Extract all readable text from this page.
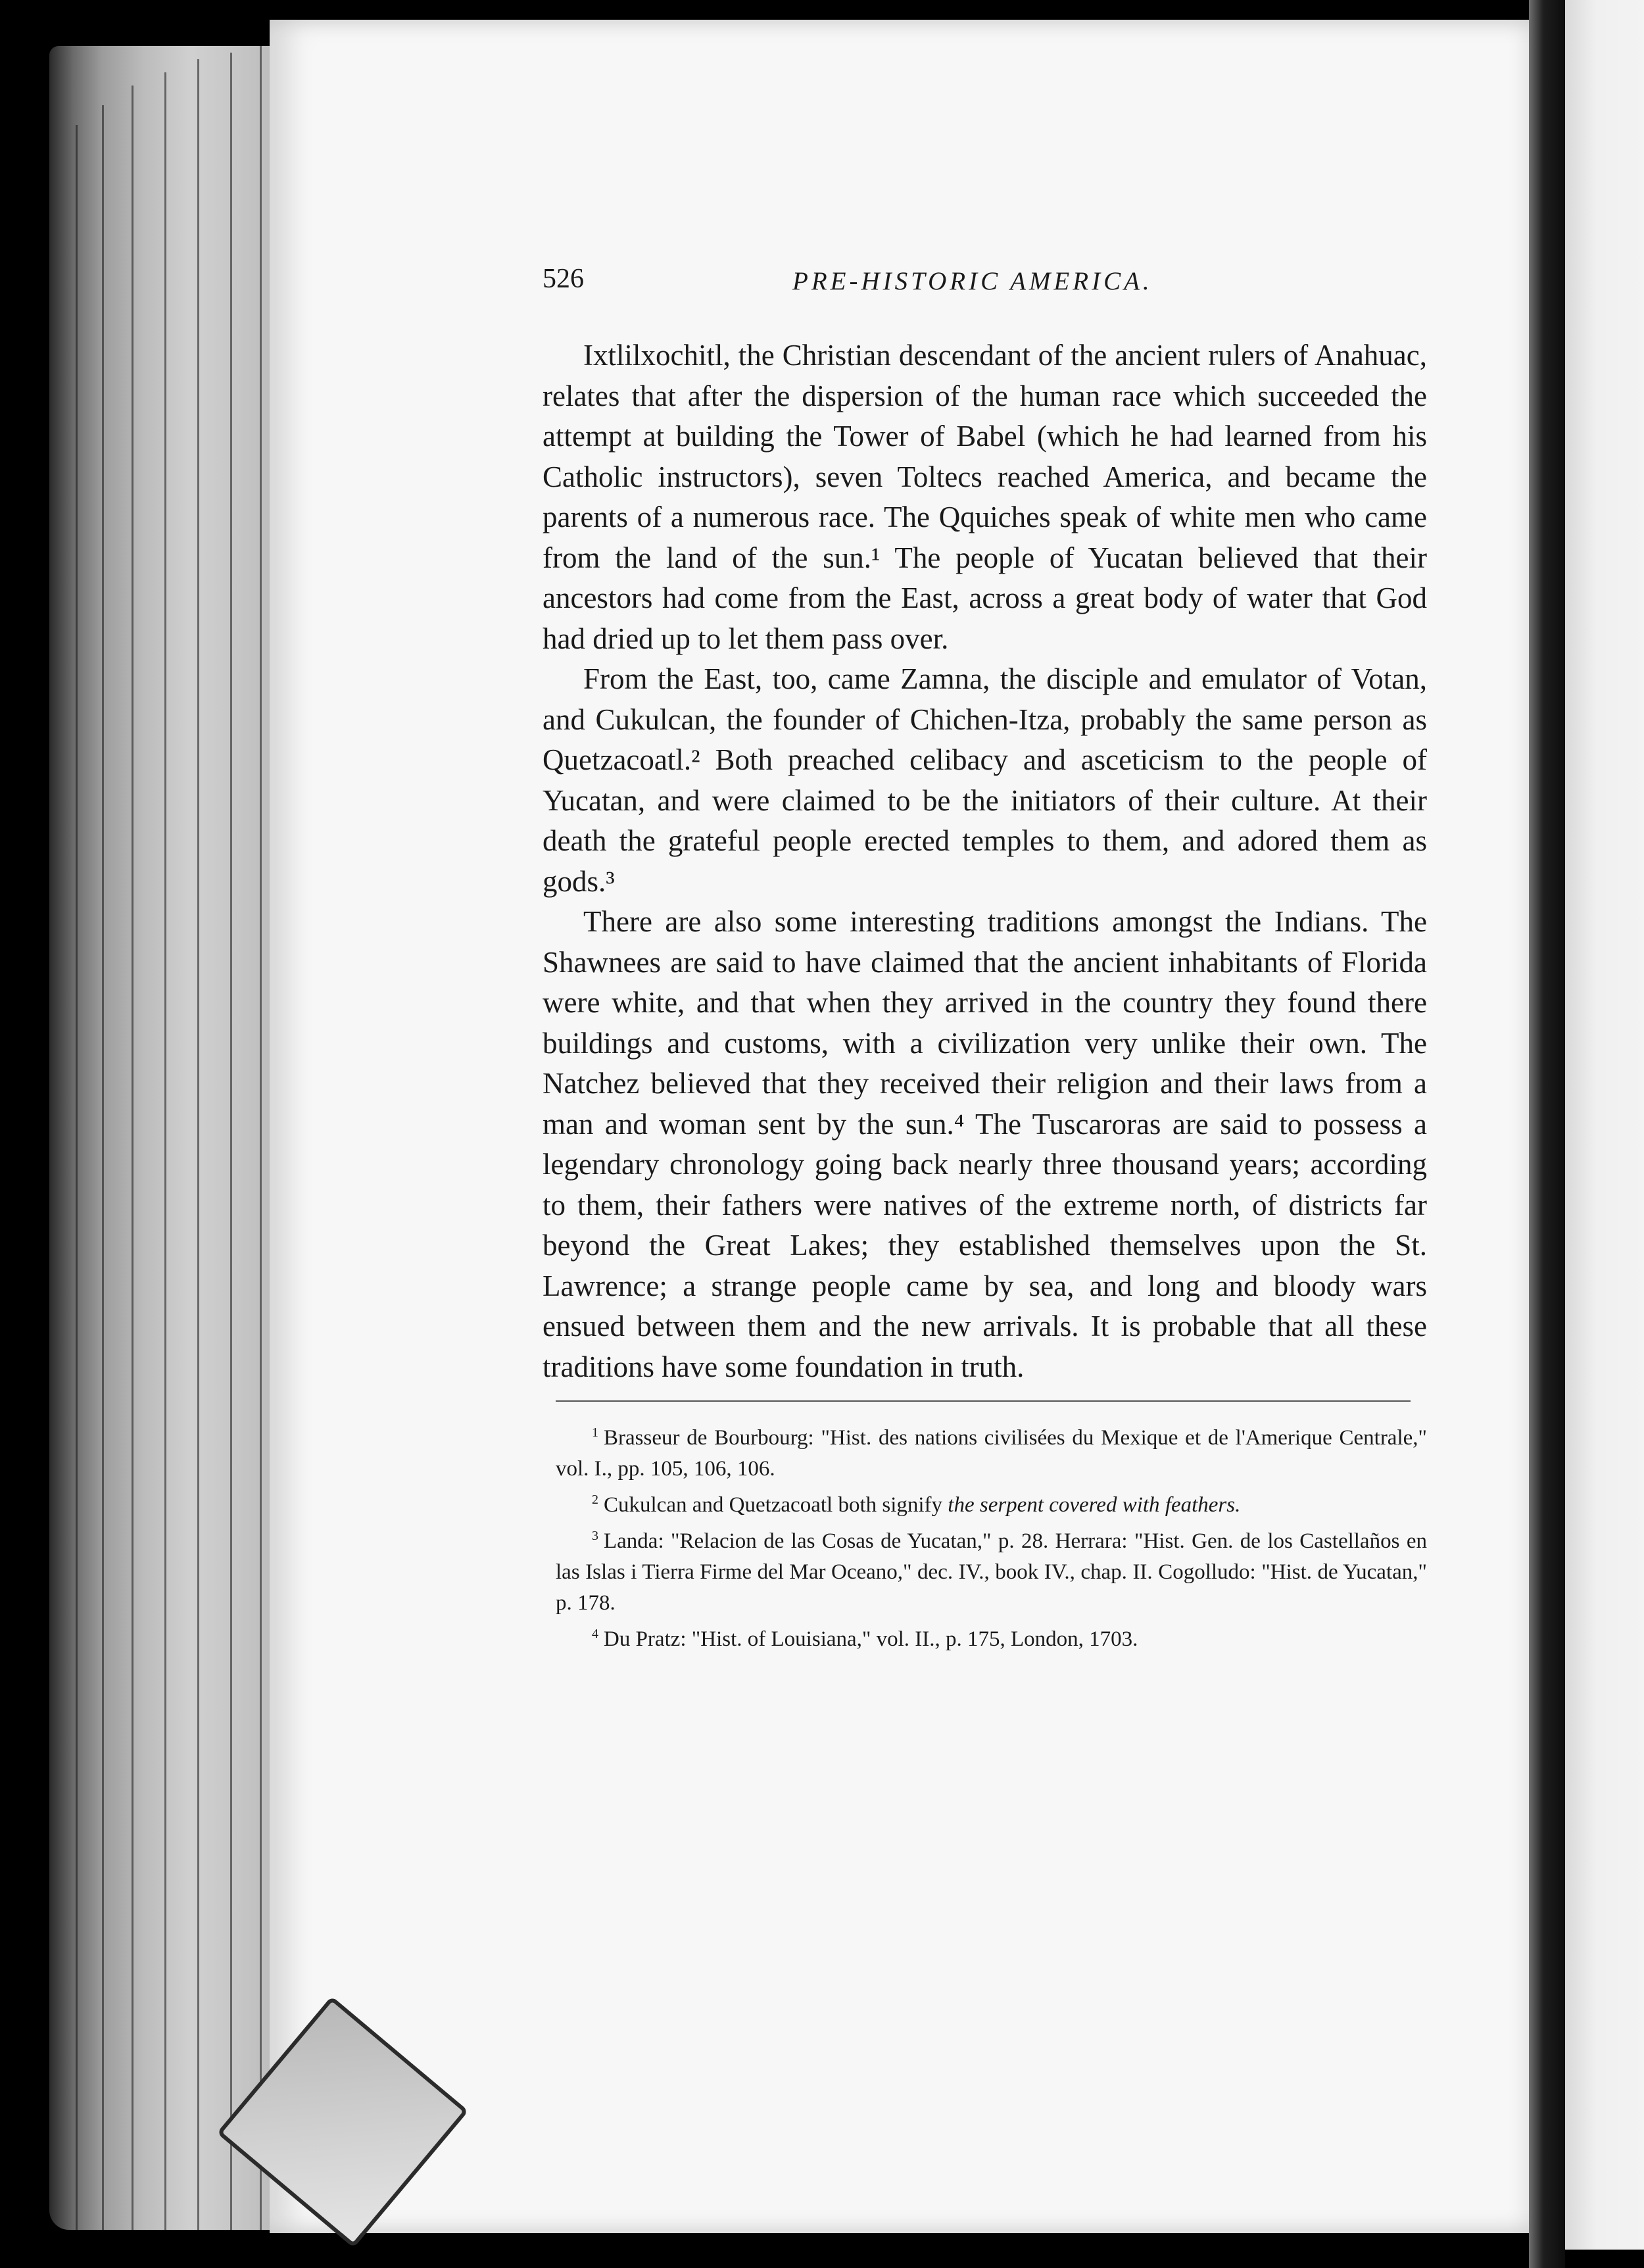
526	PRE-HISTORIC AMERICA.

Ixtlilxochitl, the Christian descendant of the ancient rulers of Anahuac, relates that after the dispersion of the human race which succeeded the attempt at building the Tower of Babel (which he had learned from his Catholic instructors), seven Toltecs reached America, and became the parents of a numerous race. The Qquiches speak of white men who came from the land of the sun.¹ The people of Yucatan believed that their ancestors had come from the East, across a great body of water that God had dried up to let them pass over.

From the East, too, came Zamna, the disciple and emulator of Votan, and Cukulcan, the founder of Chichen-Itza, probably the same person as Quetzacoatl.² Both preached celibacy and asceticism to the people of Yucatan, and were claimed to be the initiators of their culture. At their death the grateful people erected temples to them, and adored them as gods.³

There are also some interesting traditions amongst the Indians. The Shawnees are said to have claimed that the ancient inhabitants of Florida were white, and that when they arrived in the country they found there buildings and customs, with a civilization very unlike their own. The Natchez believed that they received their religion and their laws from a man and woman sent by the sun.⁴ The Tuscaroras are said to possess a legendary chronology going back nearly three thousand years; according to them, their fathers were natives of the extreme north, of districts far beyond the Great Lakes; they established themselves upon the St. Lawrence; a strange people came by sea, and long and bloody wars ensued between them and the new arrivals. It is probable that all these traditions have some foundation in truth.

$^1$ Brasseur de Bourbourg: "Hist. des nations civilisées du Mexique et de l'Amerique Centrale," vol. I., pp. 105, 106, 106.

$^2$ Cukulcan and Quetzacoatl both signify the serpent covered with feathers.

$^3$ Landa: "Relacion de las Cosas de Yucatan," p. 28. Herrara: "Hist. Gen. de los Castellaños en las Islas i Tierra Firme del Mar Oceano," dec. IV., book IV., chap. II. Cogolludo: "Hist. de Yucatan," p. 178.

$^4$ Du Pratz: "Hist. of Louisiana," vol. II., p. 175, London, 1703.
